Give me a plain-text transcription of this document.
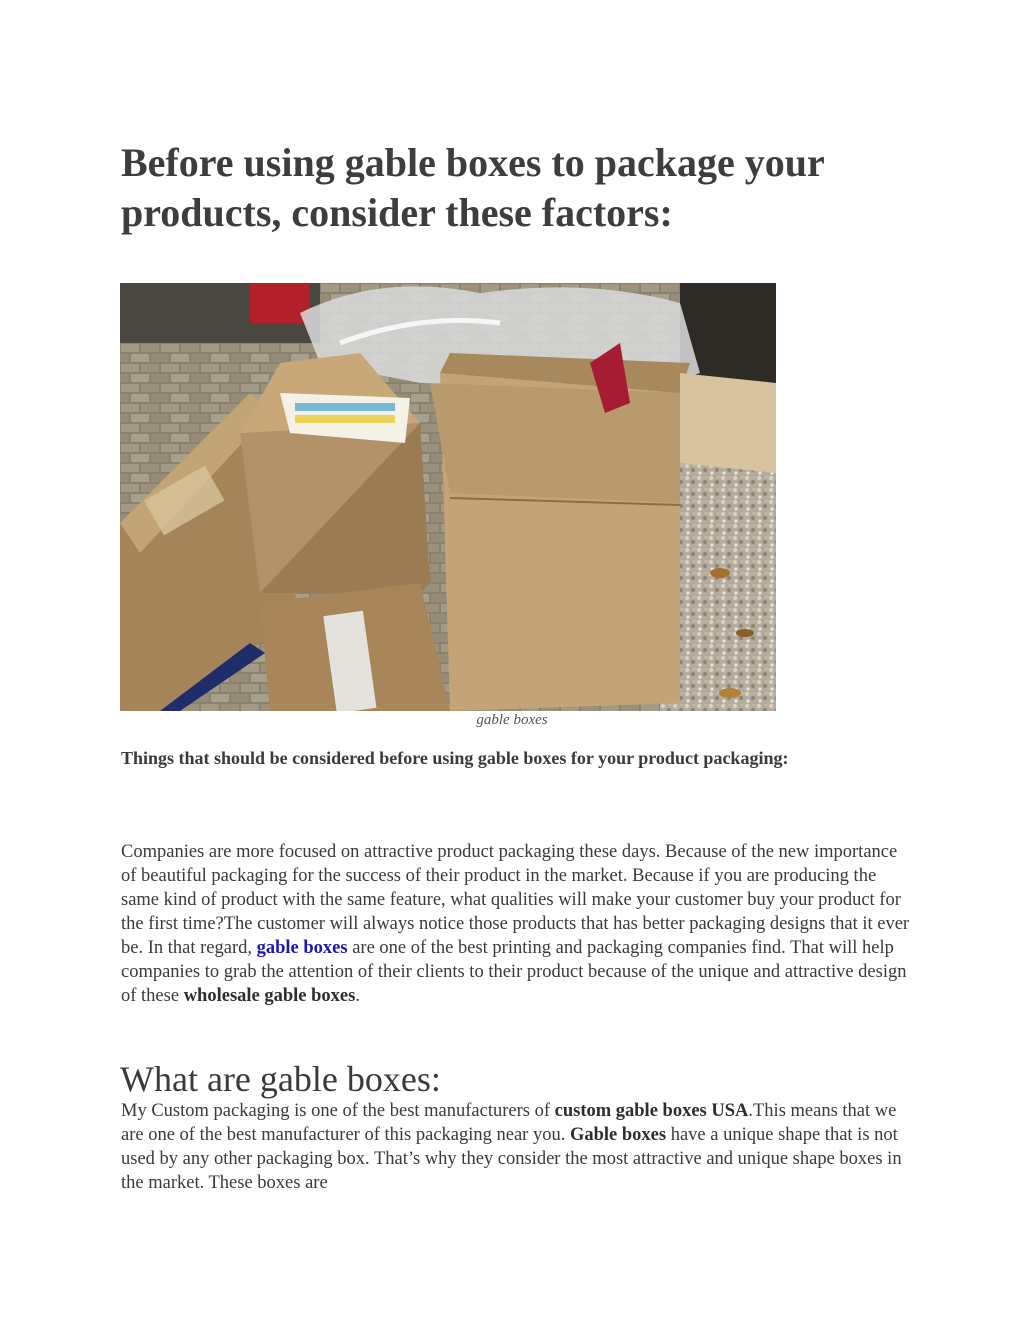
Before using gable boxes to package your products, consider these factors:
gable boxes
Things that should be considered before using gable boxes for your product packaging:

Companies are more focused on attractive product packaging these days. Because of the new importance of beautiful packaging for the success of their product in the market. Because if you are producing the same kind of product with the same feature, what qualities will make your customer buy your product for the first time?The customer will always notice those products that has better packaging designs that it ever be. In that regard, gable boxes are one of the best printing and packaging companies find. That will help companies to grab the attention of their clients to their product because of the unique and attractive design of these wholesale gable boxes.

What are gable boxes:

My Custom packaging is one of the best manufacturers of custom gable boxes USA.This means that we are one of the best manufacturer of this packaging near you. Gable boxes have a unique shape that is not used by any other packaging box. That’s why they consider the most attractive and unique shape boxes in the market. These boxes are
